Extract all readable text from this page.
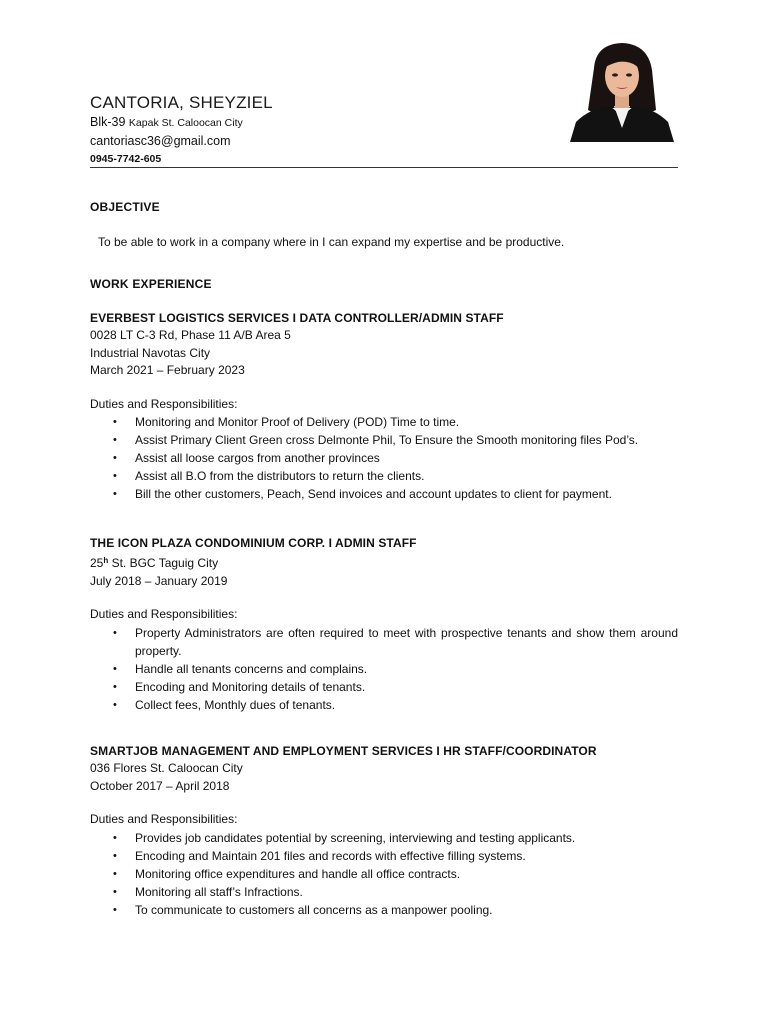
CANTORIA, SHEYZIEL
Blk-39 Kapak St. Caloocan City
cantoriasc36@gmail.com
0945-7742-605
OBJECTIVE
To be able to work in a company where in I can expand my expertise and be productive.
WORK EXPERIENCE
EVERBEST LOGISTICS SERVICES I DATA CONTROLLER/ADMIN STAFF
0028 LT C-3 Rd, Phase 11 A/B Area 5
Industrial Navotas City
March 2021 – February 2023
Duties and Responsibilities:
• Monitoring and Monitor Proof of Delivery (POD) Time to time.
• Assist Primary Client Green cross Delmonte Phil, To Ensure the Smooth monitoring files Pod’s.
• Assist all loose cargos from another provinces
• Assist all B.O from the distributors to return the clients.
• Bill the other customers, Peach, Send invoices and account updates to client for payment.
THE ICON PLAZA CONDOMINIUM CORP. I ADMIN STAFF
25$^h$ St. BGC Taguig City
July 2018 – January 2019
Duties and Responsibilities:
• Property Administrators are often required to meet with prospective tenants and show them around property.
• Handle all tenants concerns and complains.
• Encoding and Monitoring details of tenants.
• Collect fees, Monthly dues of tenants.
SMARTJOB MANAGEMENT AND EMPLOYMENT SERVICES I HR STAFF/COORDINATOR
036 Flores St. Caloocan City
October 2017 – April 2018
Duties and Responsibilities:
• Provides job candidates potential by screening, interviewing and testing applicants.
• Encoding and Maintain 201 files and records with effective filling systems.
• Monitoring office expenditures and handle all office contracts.
• Monitoring all staff’s Infractions.
• To communicate to customers all concerns as a manpower pooling.
